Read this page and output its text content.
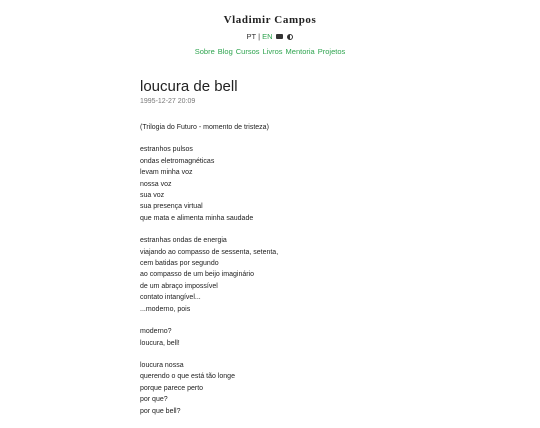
Vladimir Campos
PT | EN
Sobre Blog Cursos Livros Mentoria Projetos
loucura de bell
1995-12-27 20:09
(Trilogia do Futuro - momento de tristeza)
estranhos pulsos
ondas eletromagnéticas
levam minha voz
nossa voz
sua voz
sua presença virtual
que mata e alimenta minha saudade
estranhas ondas de energia
viajando ao compasso de sessenta, setenta,
cem batidas por segundo
ao compasso de um beijo imaginário
de um abraço impossível
contato intangível...
...moderno, pois
moderno?
loucura, bell!
loucura nossa
querendo o que está tão longe
porque parece perto
por que?
por que bell?
